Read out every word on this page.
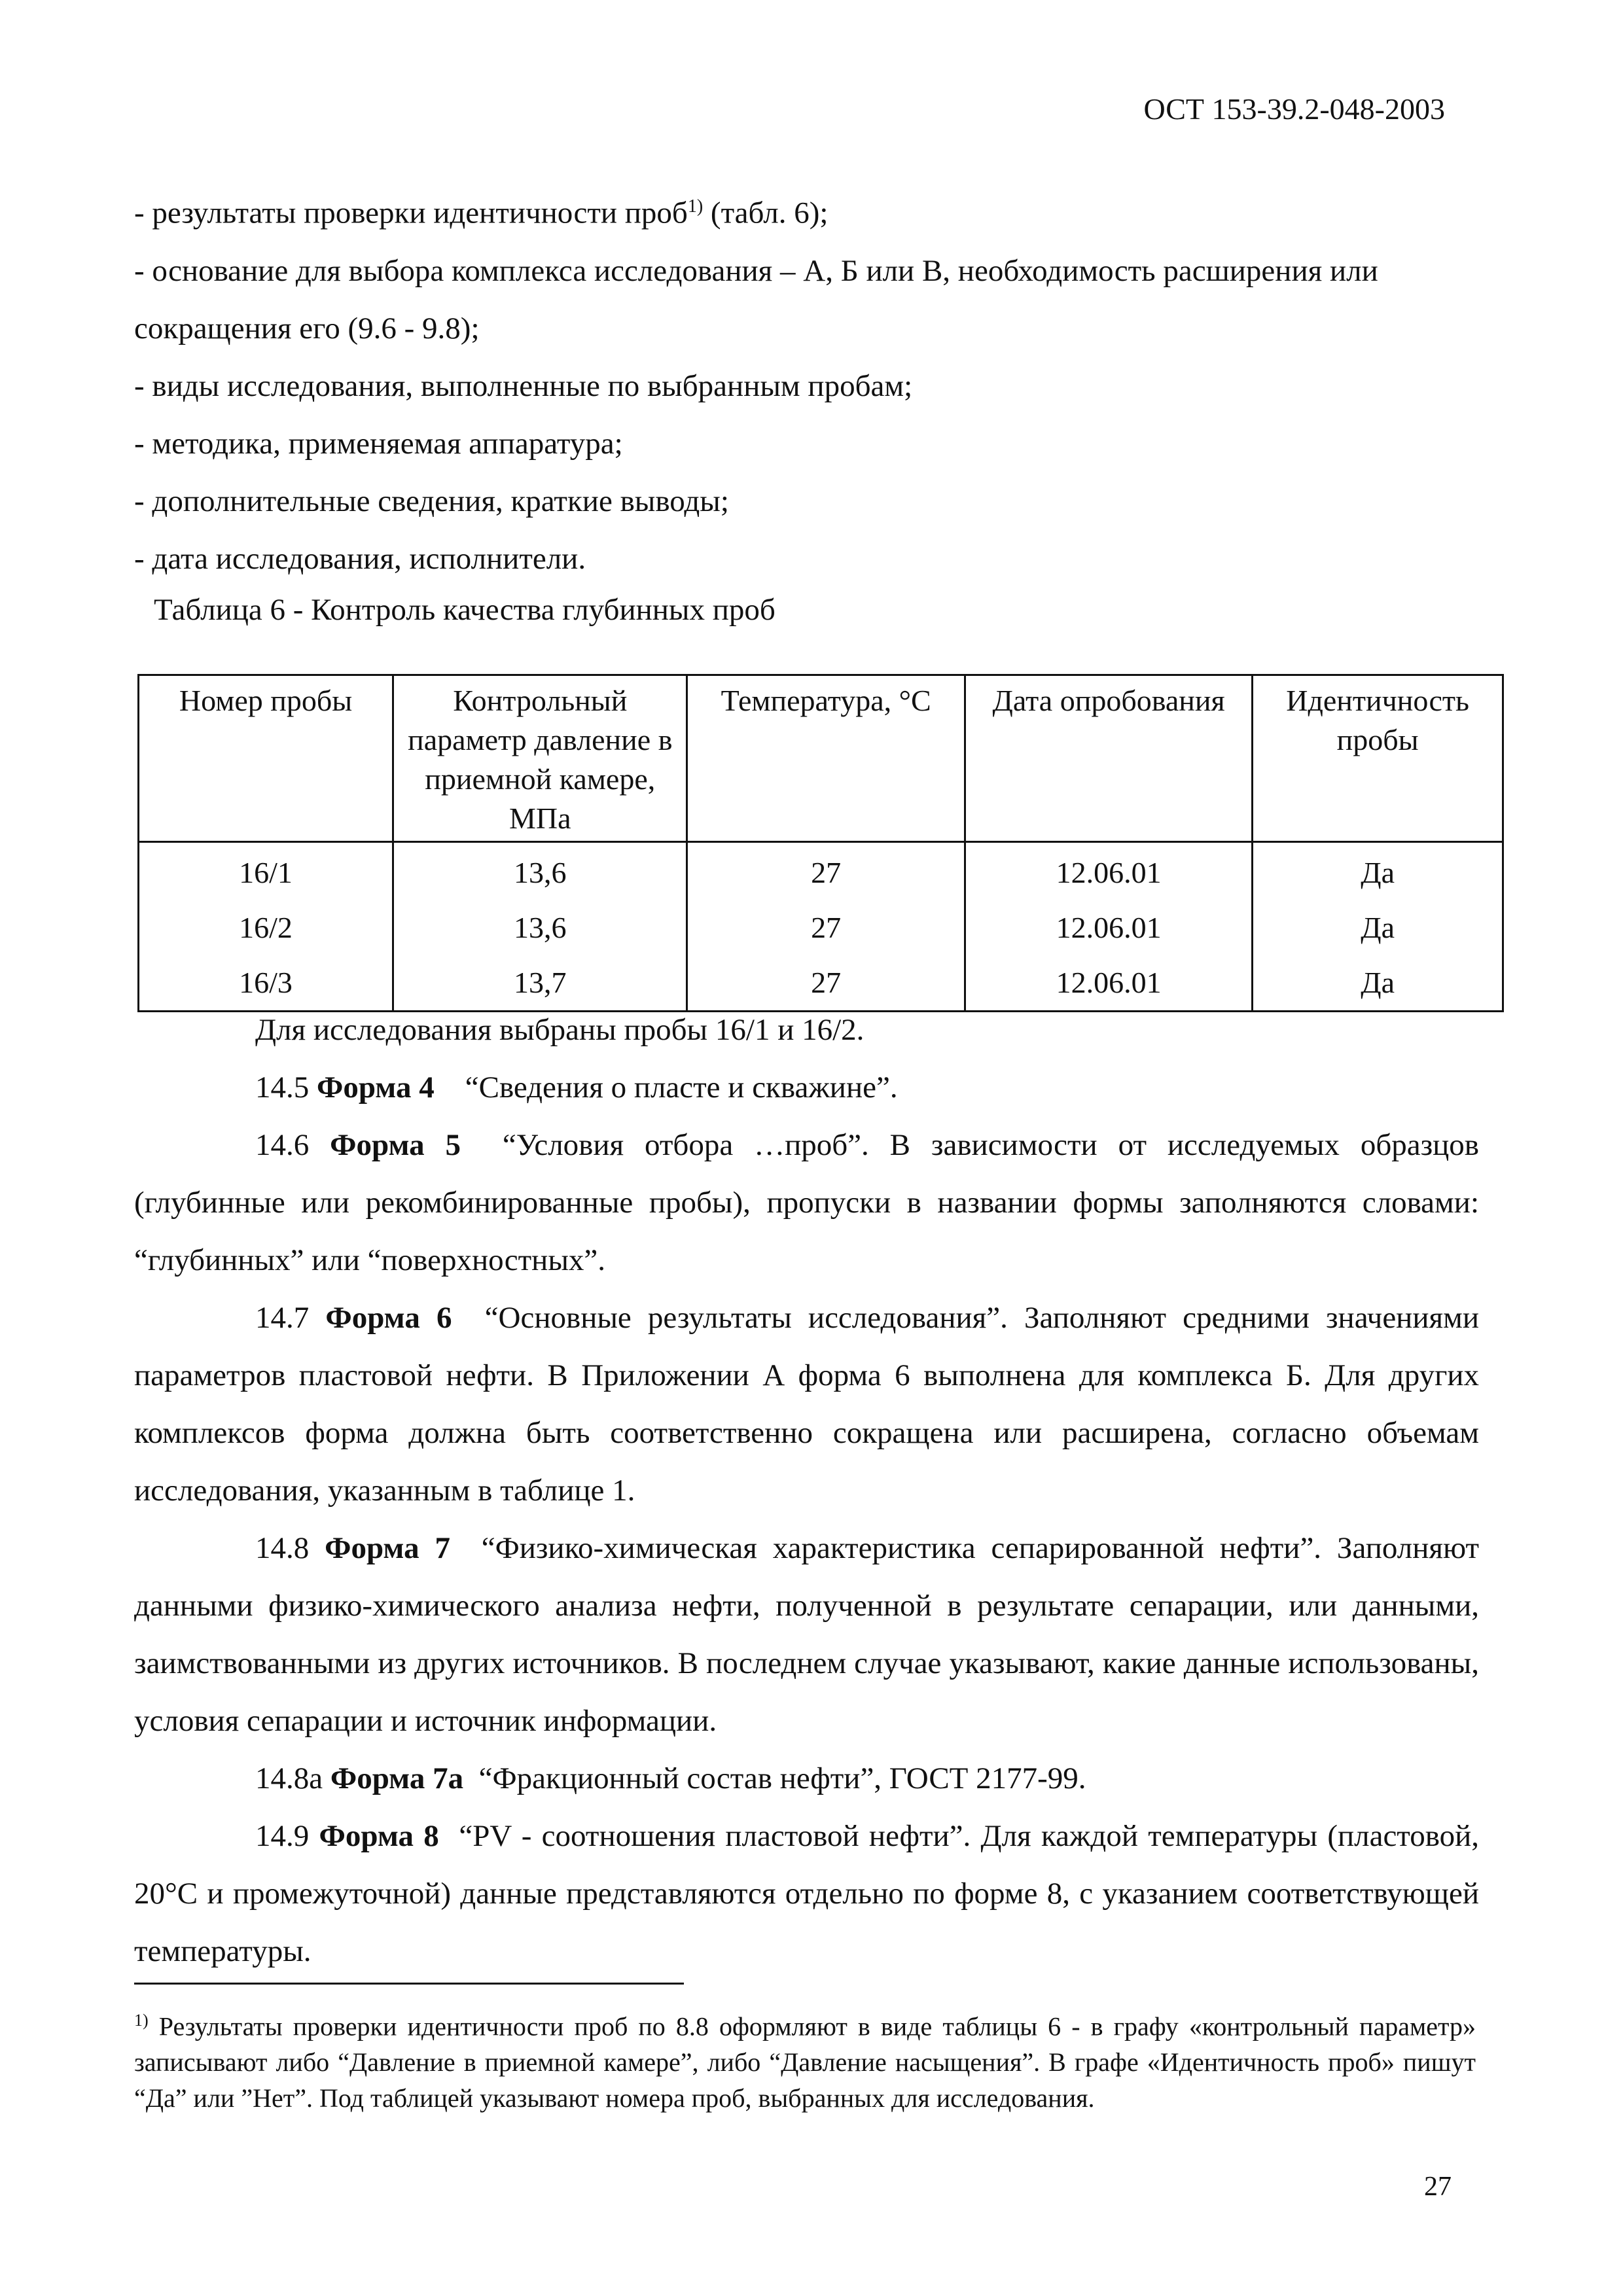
ОСТ 153-39.2-048-2003

- результаты проверки идентичности проб$^{1)}$ (табл. 6);

- основание для выбора комплекса исследования – А, Б или В, необходимость расширения или сокращения его (9.6 - 9.8);

- виды исследования, выполненные по выбранным пробам;

- методика, применяемая аппаратура;

- дополнительные сведения, краткие выводы;

- дата исследования, исполнители.

Таблица 6 - Контроль качества глубинных проб
Номер пробы	Контрольный параметр давление в приемной камере, МПа	Температура, °С	Дата опробования	Идентичность пробы
16/1	13,6	27	12.06.01	Да
16/2	13,6	27	12.06.01	Да
16/3	13,7	27	12.06.01	Да

Для исследования выбраны пробы 16/1 и 16/2.

14.5 Форма 4 “Сведения о пласте и скважине”.

14.6 Форма 5 “Условия отбора …проб”. В зависимости от исследуемых образцов (глубинные или рекомбинированные пробы), пропуски в названии формы заполняются словами: “глубинных” или “поверхностных”.

14.7 Форма 6 “Основные результаты исследования”. Заполняют средними значениями параметров пластовой нефти. В Приложении А форма 6 выполнена для комплекса Б. Для других комплексов форма должна быть соответственно сокращена или расширена, согласно объемам исследования, указанным в таблице 1.

14.8 Форма 7 “Физико-химическая характеристика сепарированной нефти”. Заполняют данными физико-химического анализа нефти, полученной в результате сепарации, или данными, заимствованными из других источников. В последнем случае указывают, какие данные использованы, условия сепарации и источник информации.

14.8а Форма 7а “Фракционный состав нефти”, ГОСТ 2177-99.

14.9 Форма 8 “PV - соотношения пластовой нефти”. Для каждой температуры (пластовой, 20°С и промежуточной) данные представляются отдельно по форме 8, с указанием соответствующей температуры.

$^{1)}$ Результаты проверки идентичности проб по 8.8 оформляют в виде таблицы 6 - в графу «контрольный параметр» записывают либо “Давление в приемной камере”, либо “Давление насыщения”. В графе «Идентичность проб» пишут “Да” или ”Нет”. Под таблицей указывают номера проб, выбранных для исследования.
27
